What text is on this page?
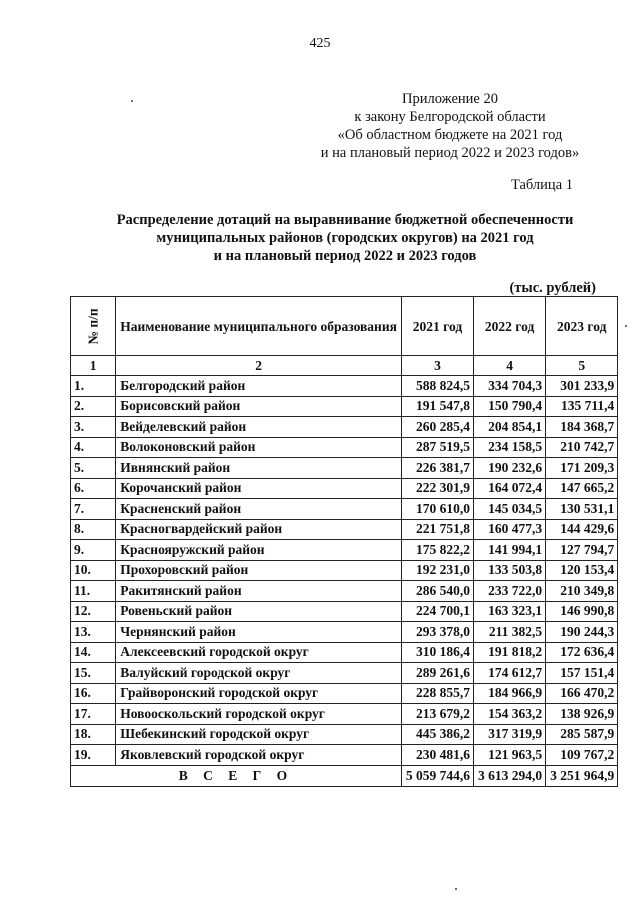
425
Приложение 20
к закону Белгородской области
«Об областном бюджете на 2021 год
и на плановый период 2022 и 2023 годов»
Таблица 1
Распределение дотаций на выравнивание бюджетной обеспеченности
муниципальных районов (городских округов) на 2021 год
и на плановый период 2022 и 2023 годов
(тыс. рублей)
№ п/п	Наименование муниципального образования	2021 год	2022 год	2023 год
1	2	3	4	5
1.	Белгородский район	588 824,5	334 704,3	301 233,9
2.	Борисовский район	191 547,8	150 790,4	135 711,4
3.	Вейделевский район	260 285,4	204 854,1	184 368,7
4.	Волоконовский район	287 519,5	234 158,5	210 742,7
5.	Ивнянский район	226 381,7	190 232,6	171 209,3
6.	Корочанский район	222 301,9	164 072,4	147 665,2
7.	Красненский район	170 610,0	145 034,5	130 531,1
8.	Красногвардейский район	221 751,8	160 477,3	144 429,6
9.	Краснояружский район	175 822,2	141 994,1	127 794,7
10.	Прохоровский район	192 231,0	133 503,8	120 153,4
11.	Ракитянский район	286 540,0	233 722,0	210 349,8
12.	Ровеньский район	224 700,1	163 323,1	146 990,8
13.	Чернянский район	293 378,0	211 382,5	190 244,3
14.	Алексеевский городской округ	310 186,4	191 818,2	172 636,4
15.	Валуйский городской округ	289 261,6	174 612,7	157 151,4
16.	Грайворонский городской округ	228 855,7	184 966,9	166 470,2
17.	Новооскольский городской округ	213 679,2	154 363,2	138 926,9
18.	Шебекинский городской округ	445 386,2	317 319,9	285 587,9
19.	Яковлевский городской округ	230 481,6	121 963,5	109 767,2
В С Е Г О		5 059 744,6	3 613 294,0	3 251 964,9
